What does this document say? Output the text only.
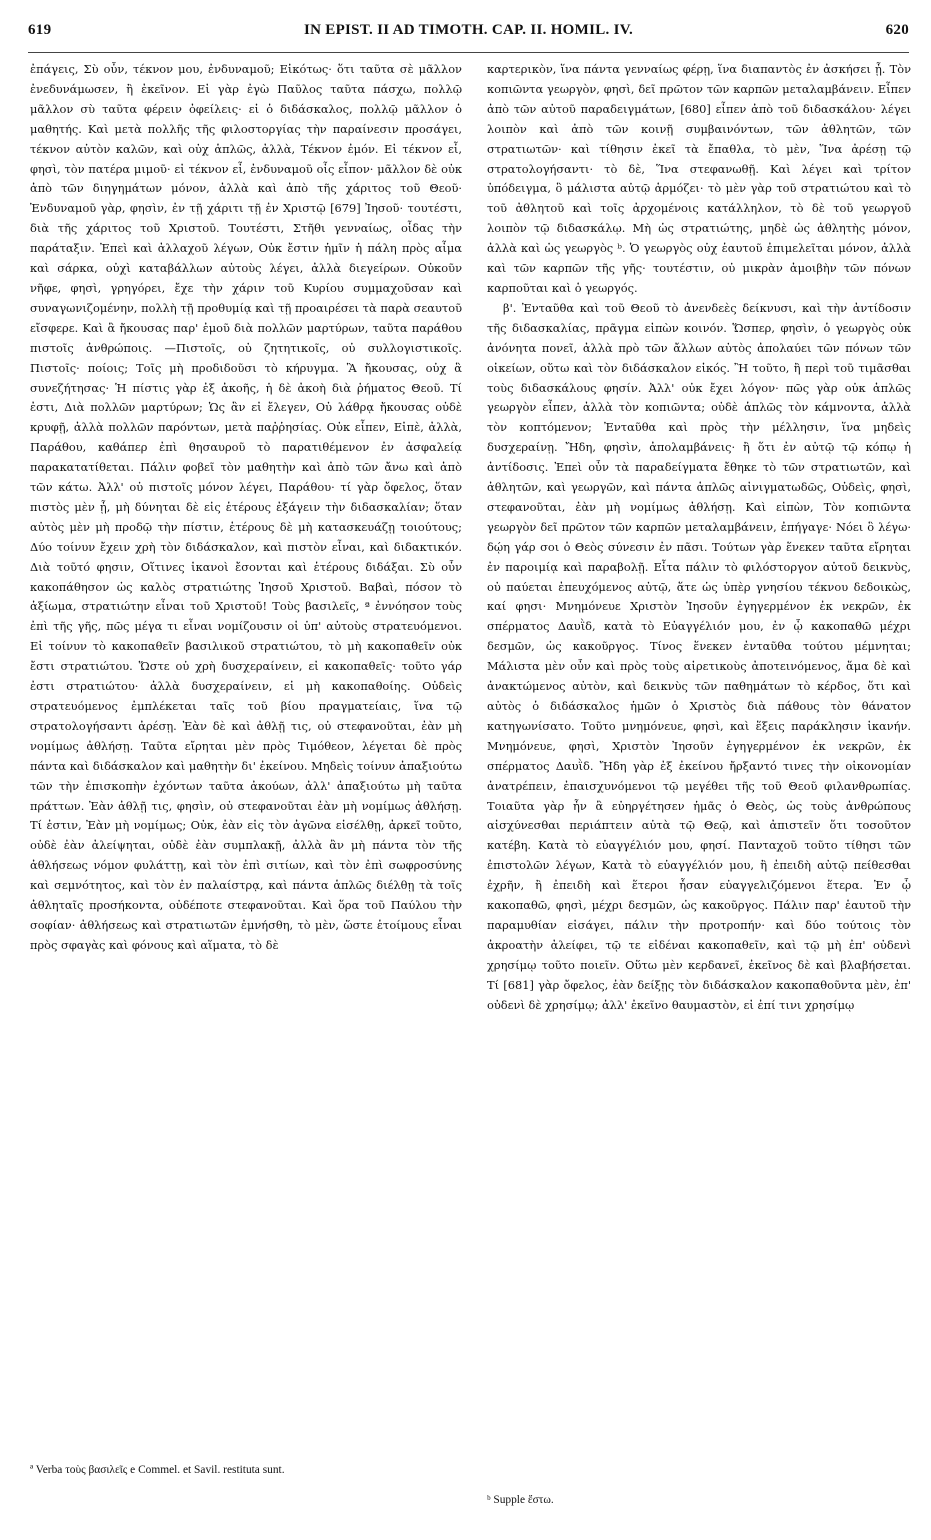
619	IN EPIST. II AD TIMOTH. CAP. II. HOMIL. IV.	620

ἐπάγεις, Σὺ οὖν, τέκνον μου, ἐνδυναμοῦ; Εἰκότως· ὅτι ταῦτα σὲ μᾶλλον ἐνεδυνάμωσεν, ἢ ἐκεῖνον. Εἰ γὰρ ἐγὼ Παῦλος ταῦτα πάσχω, πολλῷ μᾶλλον σὺ ταῦτα φέρειν ὀφείλεις· εἰ ὁ διδάσκαλος, πολλῷ μᾶλλον ὁ μαθητής. Καὶ μετὰ πολλῆς τῆς φιλοστοργίας τὴν παραίνεσιν προσάγει, τέκνον αὐτὸν καλῶν, καὶ οὐχ ἁπλῶς, ἀλλὰ, Τέκνον ἐμόν. Εἰ τέκνον εἶ, φησὶ, τὸν πατέρα μιμοῦ· εἰ τέκνον εἶ, ἐνδυναμοῦ οἷς εἶπον· μᾶλλον δὲ οὐκ ἀπὸ τῶν διηγημάτων μόνον, ἀλλὰ καὶ ἀπὸ τῆς χάριτος τοῦ Θεοῦ· Ἐνδυναμοῦ γὰρ, φησὶν, ἐν τῇ χάριτι τῇ ἐν Χριστῷ [679] Ἰησοῦ· τουτέστι, διὰ τῆς χάριτος τοῦ Χριστοῦ. Τουτέστι, Στῆθι γενναίως, οἶδας τὴν παράταξιν. Ἐπεὶ καὶ ἀλλαχοῦ λέγων, Οὐκ ἔστιν ἡμῖν ἡ πάλη πρὸς αἷμα καὶ σάρκα, οὐχὶ καταβάλλων αὐτοὺς λέγει, ἀλλὰ διεγείρων. Οὐκοῦν νῆφε, φησὶ, γρηγόρει, ἔχε τὴν χάριν τοῦ Κυρίου συμμαχοῦσαν καὶ συναγωνιζομένην, πολλὴ τῇ προθυμίᾳ καὶ τῇ προαιρέσει τὰ παρὰ σεαυτοῦ εἴσφερε. Καὶ ἃ ἤκουσας παρ' ἐμοῦ διὰ πολλῶν μαρτύρων, ταῦτα παράθου πιστοῖς ἀνθρώποις. —Πιστοῖς, οὐ ζητητικοῖς, οὐ συλλογιστικοῖς. Πιστοῖς· ποίοις; Τοῖς μὴ προδιδοῦσι τὸ κήρυγμα. Ἃ ἤκουσας, οὐχ ἃ συνεζήτησας· Ἡ πίστις γὰρ ἐξ ἀκοῆς, ἡ δὲ ἀκοὴ διὰ ῥήματος Θεοῦ. Τί ἐστι, Διὰ πολλῶν μαρτύρων; Ὡς ἂν εἰ ἔλεγεν, Οὐ λάθρᾳ ἤκουσας οὐδὲ κρυφῇ, ἀλλὰ πολλῶν παρόντων, μετὰ παῤῥησίας. Οὐκ εἶπεν, Εἰπὲ, ἀλλὰ, Παράθου, καθάπερ ἐπὶ θησαυροῦ τὸ παρατιθέμενον ἐν ἀσφαλείᾳ παρακατατίθεται. Πάλιν φοβεῖ τὸν μαθητὴν καὶ ἀπὸ τῶν ἄνω καὶ ἀπὸ τῶν κάτω. Ἀλλ' οὐ πιστοῖς μόνον λέγει, Παράθου· τί γὰρ ὄφελος, ὅταν πιστὸς μὲν ᾖ, μὴ δύνηται δὲ εἰς ἑτέρους ἐξάγειν τὴν διδασκαλίαν; ὅταν αὐτὸς μὲν μὴ προδῷ τὴν πίστιν, ἑτέρους δὲ μὴ κατασκευάζῃ τοιούτους; Δύο τοίνυν ἔχειν χρὴ τὸν διδάσκαλον, καὶ πιστὸν εἶναι, καὶ διδακτικόν. Διὰ τοῦτό φησιν, Οἵτινες ἱκανοὶ ἔσονται καὶ ἑτέρους διδάξαι. Σὺ οὖν κακοπάθησον ὡς καλὸς στρατιώτης Ἰησοῦ Χριστοῦ. Βαβαὶ, πόσον τὸ ἀξίωμα, στρατιώτην εἶναι τοῦ Χριστοῦ! Τοὺς βασιλεῖς, ª ἐννόησον τοὺς ἐπὶ τῆς γῆς, πῶς μέγα τι εἶναι νομίζουσιν οἱ ὑπ' αὐτοὺς στρατευόμενοι. Εἰ τοίνυν τὸ κακοπαθεῖν βασιλικοῦ στρατιώτου, τὸ μὴ κακοπαθεῖν οὐκ ἔστι στρατιώτου. Ὥστε οὐ χρὴ δυσχεραίνειν, εἰ κακοπαθεῖς· τοῦτο γάρ ἐστι στρατιώτου· ἀλλὰ δυσχεραίνειν, εἰ μὴ κακοπαθοίης. Οὐδεὶς στρατευόμενος ἐμπλέκεται ταῖς τοῦ βίου πραγματείαις, ἵνα τῷ στρατολογήσαντι ἀρέσῃ. Ἐὰν δὲ καὶ ἀθλῇ τις, οὐ στεφανοῦται, ἐὰν μὴ νομίμως ἀθλήσῃ. Ταῦτα εἴρηται μὲν πρὸς Τιμόθεον, λέγεται δὲ πρὸς πάντα καὶ διδάσκαλον καὶ μαθητὴν δι' ἐκείνου. Μηδεὶς τοίνυν ἀπαξιούτω τῶν τὴν ἐπισκοπὴν ἐχόντων ταῦτα ἀκούων, ἀλλ' ἀπαξιούτω μὴ ταῦτα πράττων. Ἐὰν ἀθλῇ τις, φησὶν, οὐ στεφανοῦται ἐὰν μὴ νομίμως ἀθλήσῃ. Τί ἐστιν, Ἐὰν μὴ νομίμως; Οὐκ, ἐὰν εἰς τὸν ἀγῶνα εἰσέλθῃ, ἀρκεῖ τοῦτο, οὐδὲ ἐὰν ἀλείψηται, οὐδὲ ἐὰν συμπλακῇ, ἀλλὰ ἂν μὴ πάντα τὸν τῆς ἀθλήσεως νόμον φυλάττῃ, καὶ τὸν ἐπὶ σιτίων, καὶ τὸν ἐπὶ σωφροσύνης καὶ σεμνότητος, καὶ τὸν ἐν παλαίστρᾳ, καὶ πάντα ἁπλῶς διέλθῃ τὰ τοῖς ἀθληταῖς προσήκοντα, οὐδέποτε στεφανοῦται. Καὶ ὅρα τοῦ Παύλου τὴν σοφίαν· ἀθλήσεως καὶ στρατιωτῶν ἐμνήσθη, τὸ μὲν, ὥστε ἑτοίμους εἶναι πρὸς σφαγὰς καὶ φόνους καὶ αἵματα, τὸ δὲ

καρτερικὸν, ἵνα πάντα γενναίως φέρῃ, ἵνα διαπαντὸς ἐν ἀσκήσει ᾖ. Τὸν κοπιῶντα γεωργὸν, φησὶ, δεῖ πρῶτον τῶν καρπῶν μεταλαμβάνειν. Εἶπεν ἀπὸ τῶν αὐτοῦ παραδειγμάτων, [680] εἶπεν ἀπὸ τοῦ διδασκάλου· λέγει λοιπὸν καὶ ἀπὸ τῶν κοινῇ συμβαινόντων, τῶν ἀθλητῶν, τῶν στρατιωτῶν· καὶ τίθησιν ἐκεῖ τὰ ἔπαθλα, τὸ μὲν, Ἵνα ἀρέσῃ τῷ στρατολογήσαντι· τὸ δὲ, Ἵνα στεφανωθῇ. Καὶ λέγει καὶ τρίτον ὑπόδειγμα, ὃ μάλιστα αὐτῷ ἁρμόζει· τὸ μὲν γὰρ τοῦ στρατιώτου καὶ τὸ τοῦ ἀθλητοῦ καὶ τοῖς ἀρχομένοις κατάλληλον, τὸ δὲ τοῦ γεωργοῦ λοιπὸν τῷ διδασκάλῳ. Μὴ ὡς στρατιώτης, μηδὲ ὡς ἀθλητὴς μόνον, ἀλλὰ καὶ ὡς γεωργὸς ᵇ. Ὁ γεωργὸς οὐχ ἑαυτοῦ ἐπιμελεῖται μόνον, ἀλλὰ καὶ τῶν καρπῶν τῆς γῆς· τουτέστιν, οὐ μικρὰν ἀμοιβὴν τῶν πόνων καρποῦται καὶ ὁ γεωργός.

β'. Ἐνταῦθα καὶ τοῦ Θεοῦ τὸ ἀνενδεὲς δείκνυσι, καὶ τὴν ἀντίδοσιν τῆς διδασκαλίας, πρᾶγμα εἰπὼν κοινόν. Ὥσπερ, φησὶν, ὁ γεωργὸς οὐκ ἀνόνητα πονεῖ, ἀλλὰ πρὸ τῶν ἄλλων αὐτὸς ἀπολαύει τῶν πόνων τῶν οἰκείων, οὕτω καὶ τὸν διδάσκαλον εἰκός. Ἢ τοῦτο, ἢ περὶ τοῦ τιμᾶσθαι τοὺς διδασκάλους φησίν. Ἀλλ' οὐκ ἔχει λόγον· πῶς γὰρ οὐκ ἁπλῶς γεωργὸν εἶπεν, ἀλλὰ τὸν κοπιῶντα; οὐδὲ ἁπλῶς τὸν κάμνοντα, ἀλλὰ τὸν κοπτόμενον; Ἐνταῦθα καὶ πρὸς τὴν μέλλησιν, ἵνα μηδεὶς δυσχεραίνῃ. Ἤδη, φησὶν, ἀπολαμβάνεις· ἢ ὅτι ἐν αὐτῷ τῷ κόπῳ ἡ ἀντίδοσις. Ἐπεὶ οὖν τὰ παραδείγματα ἔθηκε τὸ τῶν στρατιωτῶν, καὶ ἀθλητῶν, καὶ γεωργῶν, καὶ πάντα ἁπλῶς αἰνιγματωδῶς, Οὐδεὶς, φησὶ, στεφανοῦται, ἐὰν μὴ νομίμως ἀθλήσῃ. Καὶ εἰπὼν, Τὸν κοπιῶντα γεωργὸν δεῖ πρῶτον τῶν καρπῶν μεταλαμβάνειν, ἐπήγαγε· Νόει ὃ λέγω· δῴη γάρ σοι ὁ Θεὸς σύνεσιν ἐν πᾶσι. Τούτων γὰρ ἕνεκεν ταῦτα εἴρηται ἐν παροιμίᾳ καὶ παραβολῇ. Εἶτα πάλιν τὸ φιλόστοργον αὐτοῦ δεικνὺς, οὐ παύεται ἐπευχόμενος αὐτῷ, ἅτε ὡς ὑπὲρ γνησίου τέκνου δεδοικὼς, καί φησι· Μνημόνευε Χριστὸν Ἰησοῦν ἐγηγερμένον ἐκ νεκρῶν, ἐκ σπέρματος Δαυῒδ, κατὰ τὸ Εὐαγγέλιόν μου, ἐν ᾧ κακοπαθῶ μέχρι δεσμῶν, ὡς κακοῦργος. Τίνος ἕνεκεν ἐνταῦθα τούτου μέμνηται; Μάλιστα μὲν οὖν καὶ πρὸς τοὺς αἱρετικοὺς ἀποτεινόμενος, ἅμα δὲ καὶ ἀνακτώμενος αὐτὸν, καὶ δεικνὺς τῶν παθημάτων τὸ κέρδος, ὅτι καὶ αὐτὸς ὁ διδάσκαλος ἡμῶν ὁ Χριστὸς διὰ πάθους τὸν θάνατον κατηγωνίσατο. Τοῦτο μνημόνευε, φησὶ, καὶ ἕξεις παράκλησιν ἱκανήν. Μνημόνευε, φησὶ, Χριστὸν Ἰησοῦν ἐγηγερμένον ἐκ νεκρῶν, ἐκ σπέρματος Δαυῒδ. Ἤδη γὰρ ἐξ ἐκείνου ἤρξαντό τινες τὴν οἰκονομίαν ἀνατρέπειν, ἐπαισχυνόμενοι τῷ μεγέθει τῆς τοῦ Θεοῦ φιλανθρωπίας. Τοιαῦτα γὰρ ἦν ἃ εὐηργέτησεν ἡμᾶς ὁ Θεὸς, ὡς τοὺς ἀνθρώπους αἰσχύνεσθαι περιάπτειν αὐτὰ τῷ Θεῷ, καὶ ἀπιστεῖν ὅτι τοσοῦτον κατέβη. Κατὰ τὸ εὐαγγέλιόν μου, φησί. Πανταχοῦ τοῦτο τίθησι τῶν ἐπιστολῶν λέγων, Κατὰ τὸ εὐαγγέλιόν μου, ἢ ἐπειδὴ αὐτῷ πείθεσθαι ἐχρῆν, ἢ ἐπειδὴ καὶ ἕτεροι ἦσαν εὐαγγελιζόμενοι ἕτερα. Ἐν ᾧ κακοπαθῶ, φησὶ, μέχρι δεσμῶν, ὡς κακοῦργος. Πάλιν παρ' ἑαυτοῦ τὴν παραμυθίαν εἰσάγει, πάλιν τὴν προτροπήν· καὶ δύο τούτοις τὸν ἀκροατὴν ἀλείφει, τῷ τε εἰδέναι κακοπαθεῖν, καὶ τῷ μὴ ἐπ' οὐδενὶ χρησίμῳ τοῦτο ποιεῖν. Οὕτω μὲν κερδανεῖ, ἐκεῖνος δὲ καὶ βλαβήσεται. Τί [681] γὰρ ὄφελος, ἐὰν δείξῃς τὸν διδάσκαλον κακοπαθοῦντα μὲν, ἐπ' οὐδενὶ δὲ χρησίμῳ; ἀλλ' ἐκεῖνο θαυμαστὸν, εἰ ἐπί τινι χρησίμῳ

ª Verba τοὺς βασιλεῖς e Commel. et Savil. restituta sunt.
ᵇ Supple ἔστω.
